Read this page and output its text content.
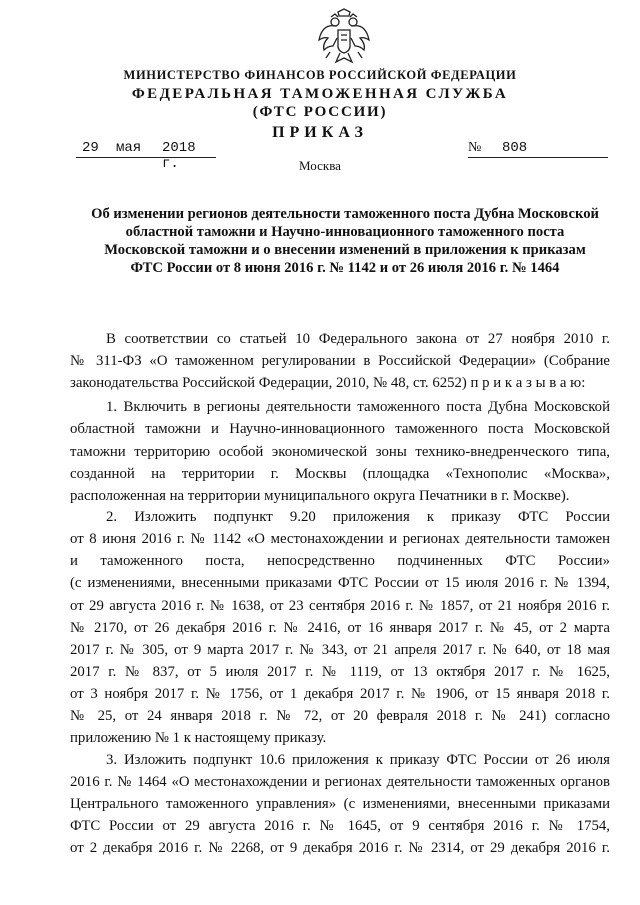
МИНИСТЕРСТВО ФИНАНСОВ РОССИЙСКОЙ ФЕДЕРАЦИИ
ФЕДЕРАЛЬНАЯ ТАМОЖЕННАЯ СЛУЖБА
(ФТС РОССИИ)
ПРИКАЗ
29 мая 2018 г.
№ 808
Москва
Об изменении регионов деятельности таможенного поста Дубна Московской
областной таможни и Научно-инновационного таможенного поста
Московской таможни и о внесении изменений в приложения к приказам
ФТС России от 8 июня 2016 г. № 1142 и от 26 июля 2016 г. № 1464
В соответствии со статьей 10 Федерального закона от 27 ноября 2010 г.
№ 311-ФЗ «О таможенном регулировании в Российской Федерации» (Собрание
законодательства Российской Федерации, 2010, № 48, ст. 6252) п р и к а з ы в а ю:
1. Включить в регионы деятельности таможенного поста Дубна Московской
областной таможни и Научно-инновационного таможенного поста Московской
таможни территорию особой экономической зоны технико-внедренческого типа,
созданной на территории г. Москвы (площадка «Технополис «Москва»,
расположенная на территории муниципального округа Печатники в г. Москве).
2. Изложить подпункт 9.20 приложения к приказу ФТС России
от 8 июня 2016 г. № 1142 «О местонахождении и регионах деятельности таможен
и таможенного поста, непосредственно подчиненных ФТС России»
(с изменениями, внесенными приказами ФТС России от 15 июля 2016 г. № 1394,
от 29 августа 2016 г. № 1638, от 23 сентября 2016 г. № 1857, от 21 ноября 2016 г.
№ 2170, от 26 декабря 2016 г. № 2416, от 16 января 2017 г. № 45, от 2 марта
2017 г. № 305, от 9 марта 2017 г. № 343, от 21 апреля 2017 г. № 640, от 18 мая
2017 г. № 837, от 5 июля 2017 г. № 1119, от 13 октября 2017 г. № 1625,
от 3 ноября 2017 г. № 1756, от 1 декабря 2017 г. № 1906, от 15 января 2018 г.
№ 25, от 24 января 2018 г. № 72, от 20 февраля 2018 г. № 241) согласно
приложению № 1 к настоящему приказу.
3. Изложить подпункт 10.6 приложения к приказу ФТС России от 26 июля
2016 г. № 1464 «О местонахождении и регионах деятельности таможенных органов
Центрального таможенного управления» (с изменениями, внесенными приказами
ФТС России от 29 августа 2016 г. № 1645, от 9 сентября 2016 г. № 1754,
от 2 декабря 2016 г. № 2268, от 9 декабря 2016 г. № 2314, от 29 декабря 2016 г.
